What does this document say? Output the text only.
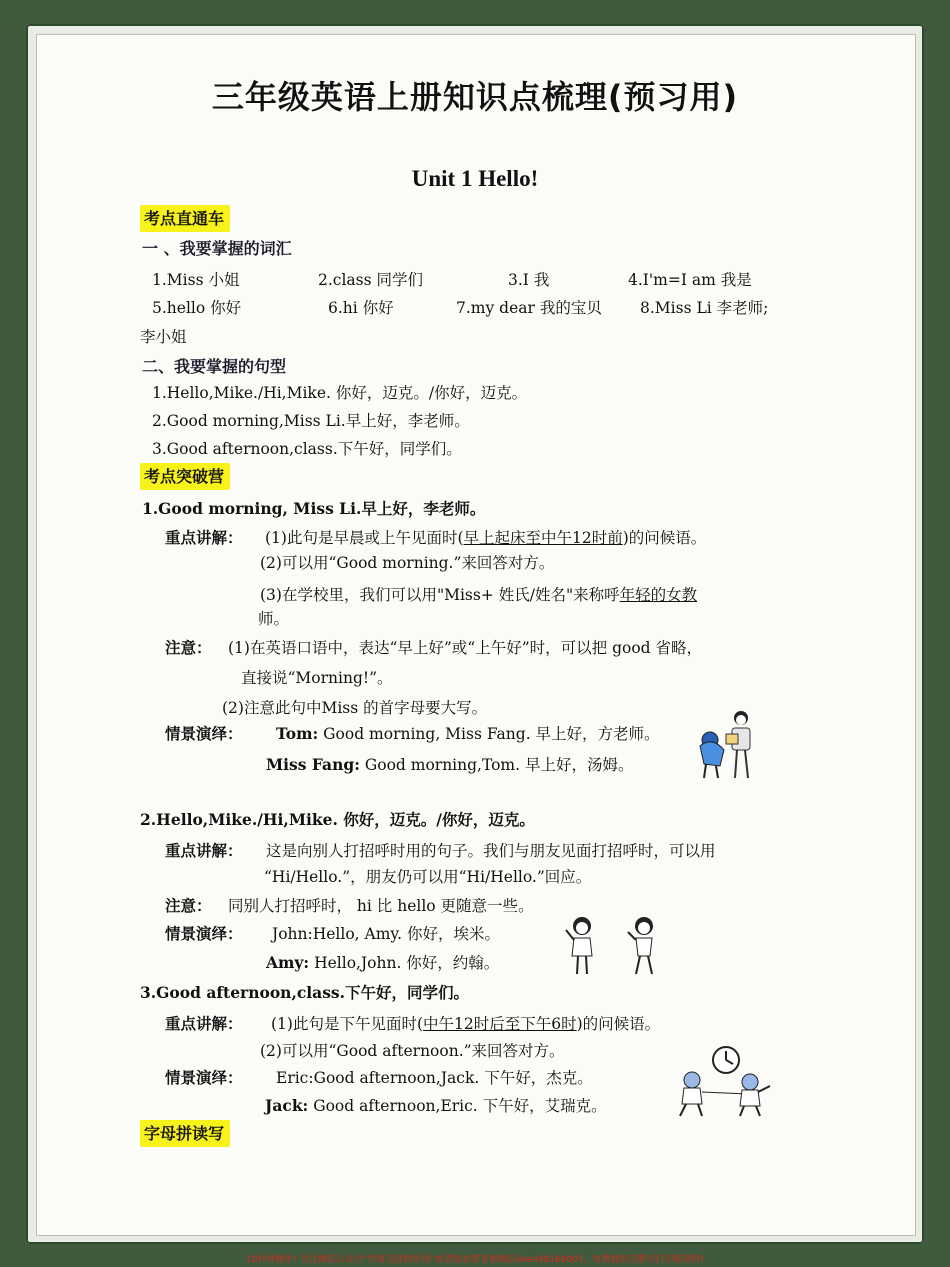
三年级英语上册知识点梳理(预习用)
Unit 1 Hello!
考点直通车
一 、我要掌握的词汇
1.Miss 小姐	2.class 同学们	3.I 我	4.I'm=I am 我是
5.hello 你好	6.hi 你好	7.my dear 我的宝贝 8.Miss Li 李老师;
李小姐
二、我要掌握的句型
1.Hello,Mike./Hi,Mike. 你好，迈克。/你好，迈克。
2.Good morning,Miss Li.早上好，李老师。
3.Good afternoon,class.下午好，同学们。
考点突破营
1.Good morning, Miss Li.早上好，李老师。
重点讲解： (1)此句是早晨或上午见面时(早上起床至中午12时前)的问候语。
(2)可以用“Good morning.”来回答对方。
(3)在学校里，我们可以用"Miss+ 姓氏/姓名"来称呼年轻的女教
师。
注意： (1)在英语口语中，表达“早上好”或“上午好”时，可以把 good 省略，
直接说“Morning!”。
(2)注意此句中Miss 的首字母要大写。
情景演绎： Tom: Good morning, Miss Fang. 早上好，方老师。
Miss Fang: Good morning,Tom. 早上好，汤姆。
2.Hello,Mike./Hi,Mike. 你好，迈克。/你好，迈克。
重点讲解： 这是向别人打招呼时用的句子。我们与朋友见面打招呼时，可以用
“Hi/Hello.”，朋友仍可以用“Hi/Hello.”回应。
注意： 同别人打招呼时， hi 比 hello 更随意一些。
情景演绎： John:Hello, Amy. 你好，埃米。
Amy: Hello,John. 你好，约翰。
3.Good afternoon,class.下午好，同学们。
重点讲解： (1)此句是下午见面时(中午12时后至下午6时)的问候语。
(2)可以用“Good afternoon.”来回答对方。
情景演绎： Eric:Good afternoon,Jack. 下午好，杰克。
Jack: Good afternoon,Eric. 下午好，艾瑞克。
字母拼读写
10秒钟操作! 关注微信公众号“学海无涯助作用”或者添加菜老师微信shen88168007，免费提供完整可打印版资料!
